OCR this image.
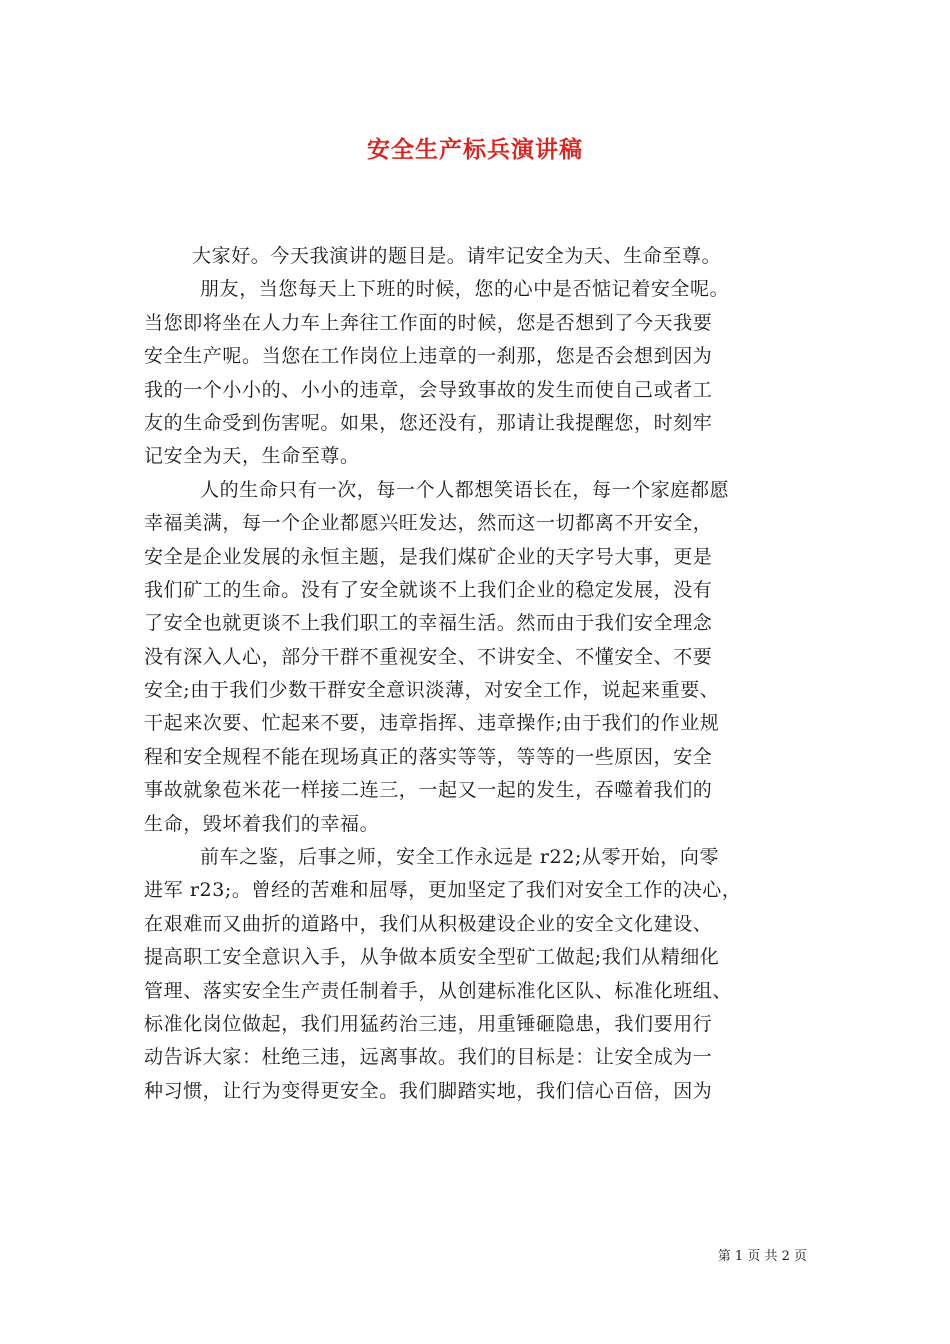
安全生产标兵演讲稿
大家好。今天我演讲的题目是。请牢记安全为天、生命至尊。
朋友，当您每天上下班的时候，您的心中是否惦记着安全呢。
当您即将坐在人力车上奔往工作面的时候，您是否想到了今天我要
安全生产呢。当您在工作岗位上违章的一刹那，您是否会想到因为
我的一个小小的、小小的违章，会导致事故的发生而使自己或者工
友的生命受到伤害呢。如果，您还没有，那请让我提醒您，时刻牢
记安全为天，生命至尊。
人的生命只有一次，每一个人都想笑语长在，每一个家庭都愿
幸福美满，每一个企业都愿兴旺发达，然而这一切都离不开安全，
安全是企业发展的永恒主题，是我们煤矿企业的天字号大事，更是
我们矿工的生命。没有了安全就谈不上我们企业的稳定发展，没有
了安全也就更谈不上我们职工的幸福生活。然而由于我们安全理念
没有深入人心，部分干群不重视安全、不讲安全、不懂安全、不要
安全;由于我们少数干群安全意识淡薄，对安全工作，说起来重要、
干起来次要、忙起来不要，违章指挥、违章操作;由于我们的作业规
程和安全规程不能在现场真正的落实等等，等等的一些原因，安全
事故就象苞米花一样接二连三，一起又一起的发生，吞噬着我们的
生命，毁坏着我们的幸福。
前车之鉴，后事之师，安全工作永远是 r22;从零开始，向零
进军 r23;。曾经的苦难和屈辱，更加坚定了我们对安全工作的决心，
在艰难而又曲折的道路中，我们从积极建设企业的安全文化建设、
提高职工安全意识入手，从争做本质安全型矿工做起;我们从精细化
管理、落实安全生产责任制着手，从创建标准化区队、标准化班组、
标准化岗位做起，我们用猛药治三违，用重锤砸隐患，我们要用行
动告诉大家：杜绝三违，远离事故。我们的目标是：让安全成为一
种习惯，让行为变得更安全。我们脚踏实地，我们信心百倍，因为
第 1 页 共 2 页
